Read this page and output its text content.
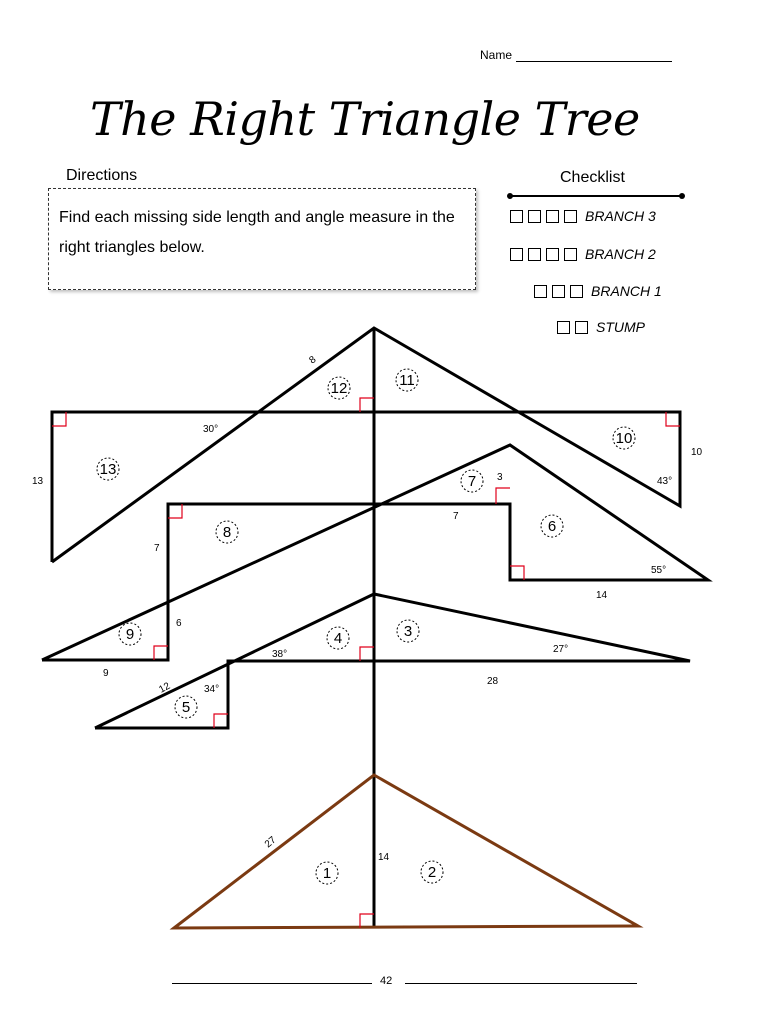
Name
The Right Triangle Tree
Directions
Find each missing side length and angle measure in the right triangles below.
Checklist
BRANCH 3
BRANCH 2
BRANCH 1
STUMP
1	2
3
4
5
6
7
8
9
10
11
12
13
8
30°
13
10
43°
3
7
7
55°
14
6
9
38°	27°
28
12	34°
27
14
42
